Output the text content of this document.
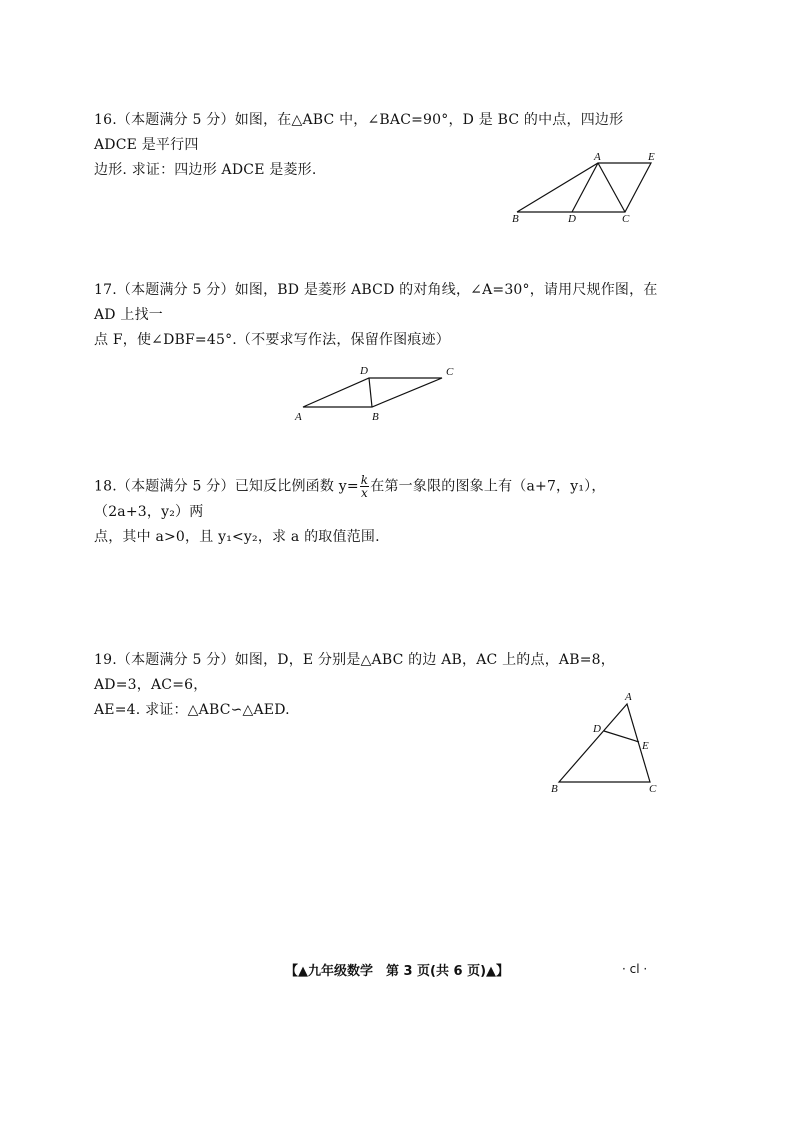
16.（本题满分 5 分）如图，在△ABC 中，∠BAC=90°，D 是 BC 的中点，四边形 ADCE 是平行四

边形. 求证：四边形 ADCE 是菱形.

A	E
B	D	C

17.（本题满分 5 分）如图，BD 是菱形 ABCD 的对角线，∠A=30°，请用尺规作图，在 AD 上找一

点 F，使∠DBF=45°.（不要求写作法，保留作图痕迹）

D	C
A	B

18.（本题满分 5 分）已知反比例函数 $y= \frac{k}{x}$ 在第一象限的图象上有（a+7，y₁），（2a+3，y₂）两

点，其中 a>0，且 y₁<y₂，求 a 的取值范围.

19.（本题满分 5 分）如图，D，E 分别是△ABC 的边 AB，AC 上的点，AB=8，AD=3，AC=6，

AE=4. 求证：△ABC∽△AED.

A
D
E
B	C
【▲九年级数学　第 3 页(共 6 页)▲】	· cl ·
